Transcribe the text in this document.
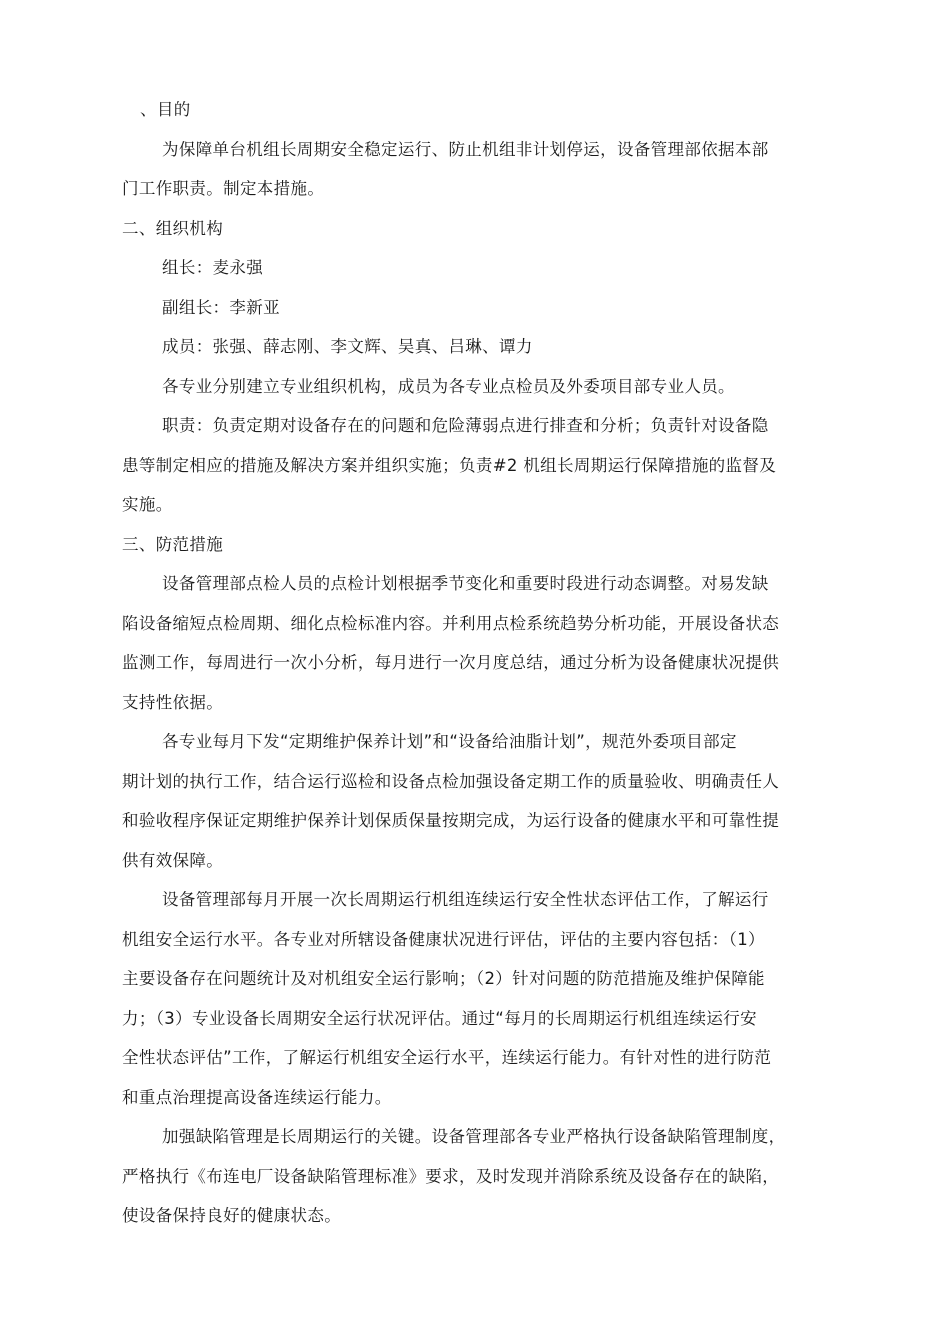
、目的
为保障单台机组长周期安全稳定运行、防止机组非计划停运，设备管理部依据本部
门工作职责。制定本措施。
二、组织机构
组长：麦永强
副组长：李新亚
成员：张强、薛志刚、李文辉、吴真、吕琳、谭力
各专业分别建立专业组织机构，成员为各专业点检员及外委项目部专业人员。
职责：负责定期对设备存在的问题和危险薄弱点进行排查和分析；负责针对设备隐
患等制定相应的措施及解决方案并组织实施；负责#2 机组长周期运行保障措施的监督及
实施。
三、防范措施
设备管理部点检人员的点检计划根据季节变化和重要时段进行动态调整。对易发缺
陷设备缩短点检周期、细化点检标准内容。并利用点检系统趋势分析功能，开展设备状态
监测工作，每周进行一次小分析，每月进行一次月度总结，通过分析为设备健康状况提供
支持性依据。
各专业每月下发“定期维护保养计划”和“设备给油脂计划”，规范外委项目部定
期计划的执行工作，结合运行巡检和设备点检加强设备定期工作的质量验收、明确责任人
和验收程序保证定期维护保养计划保质保量按期完成，为运行设备的健康水平和可靠性提
供有效保障。
设备管理部每月开展一次长周期运行机组连续运行安全性状态评估工作，了解运行
机组安全运行水平。各专业对所辖设备健康状况进行评估，评估的主要内容包括：（1）
主要设备存在问题统计及对机组安全运行影响；（2）针对问题的防范措施及维护保障能
力；（3）专业设备长周期安全运行状况评估。通过“每月的长周期运行机组连续运行安
全性状态评估”工作，了解运行机组安全运行水平，连续运行能力。有针对性的进行防范
和重点治理提高设备连续运行能力。
加强缺陷管理是长周期运行的关键。设备管理部各专业严格执行设备缺陷管理制度，
严格执行《布连电厂设备缺陷管理标准》要求，及时发现并消除系统及设备存在的缺陷，
使设备保持良好的健康状态。
